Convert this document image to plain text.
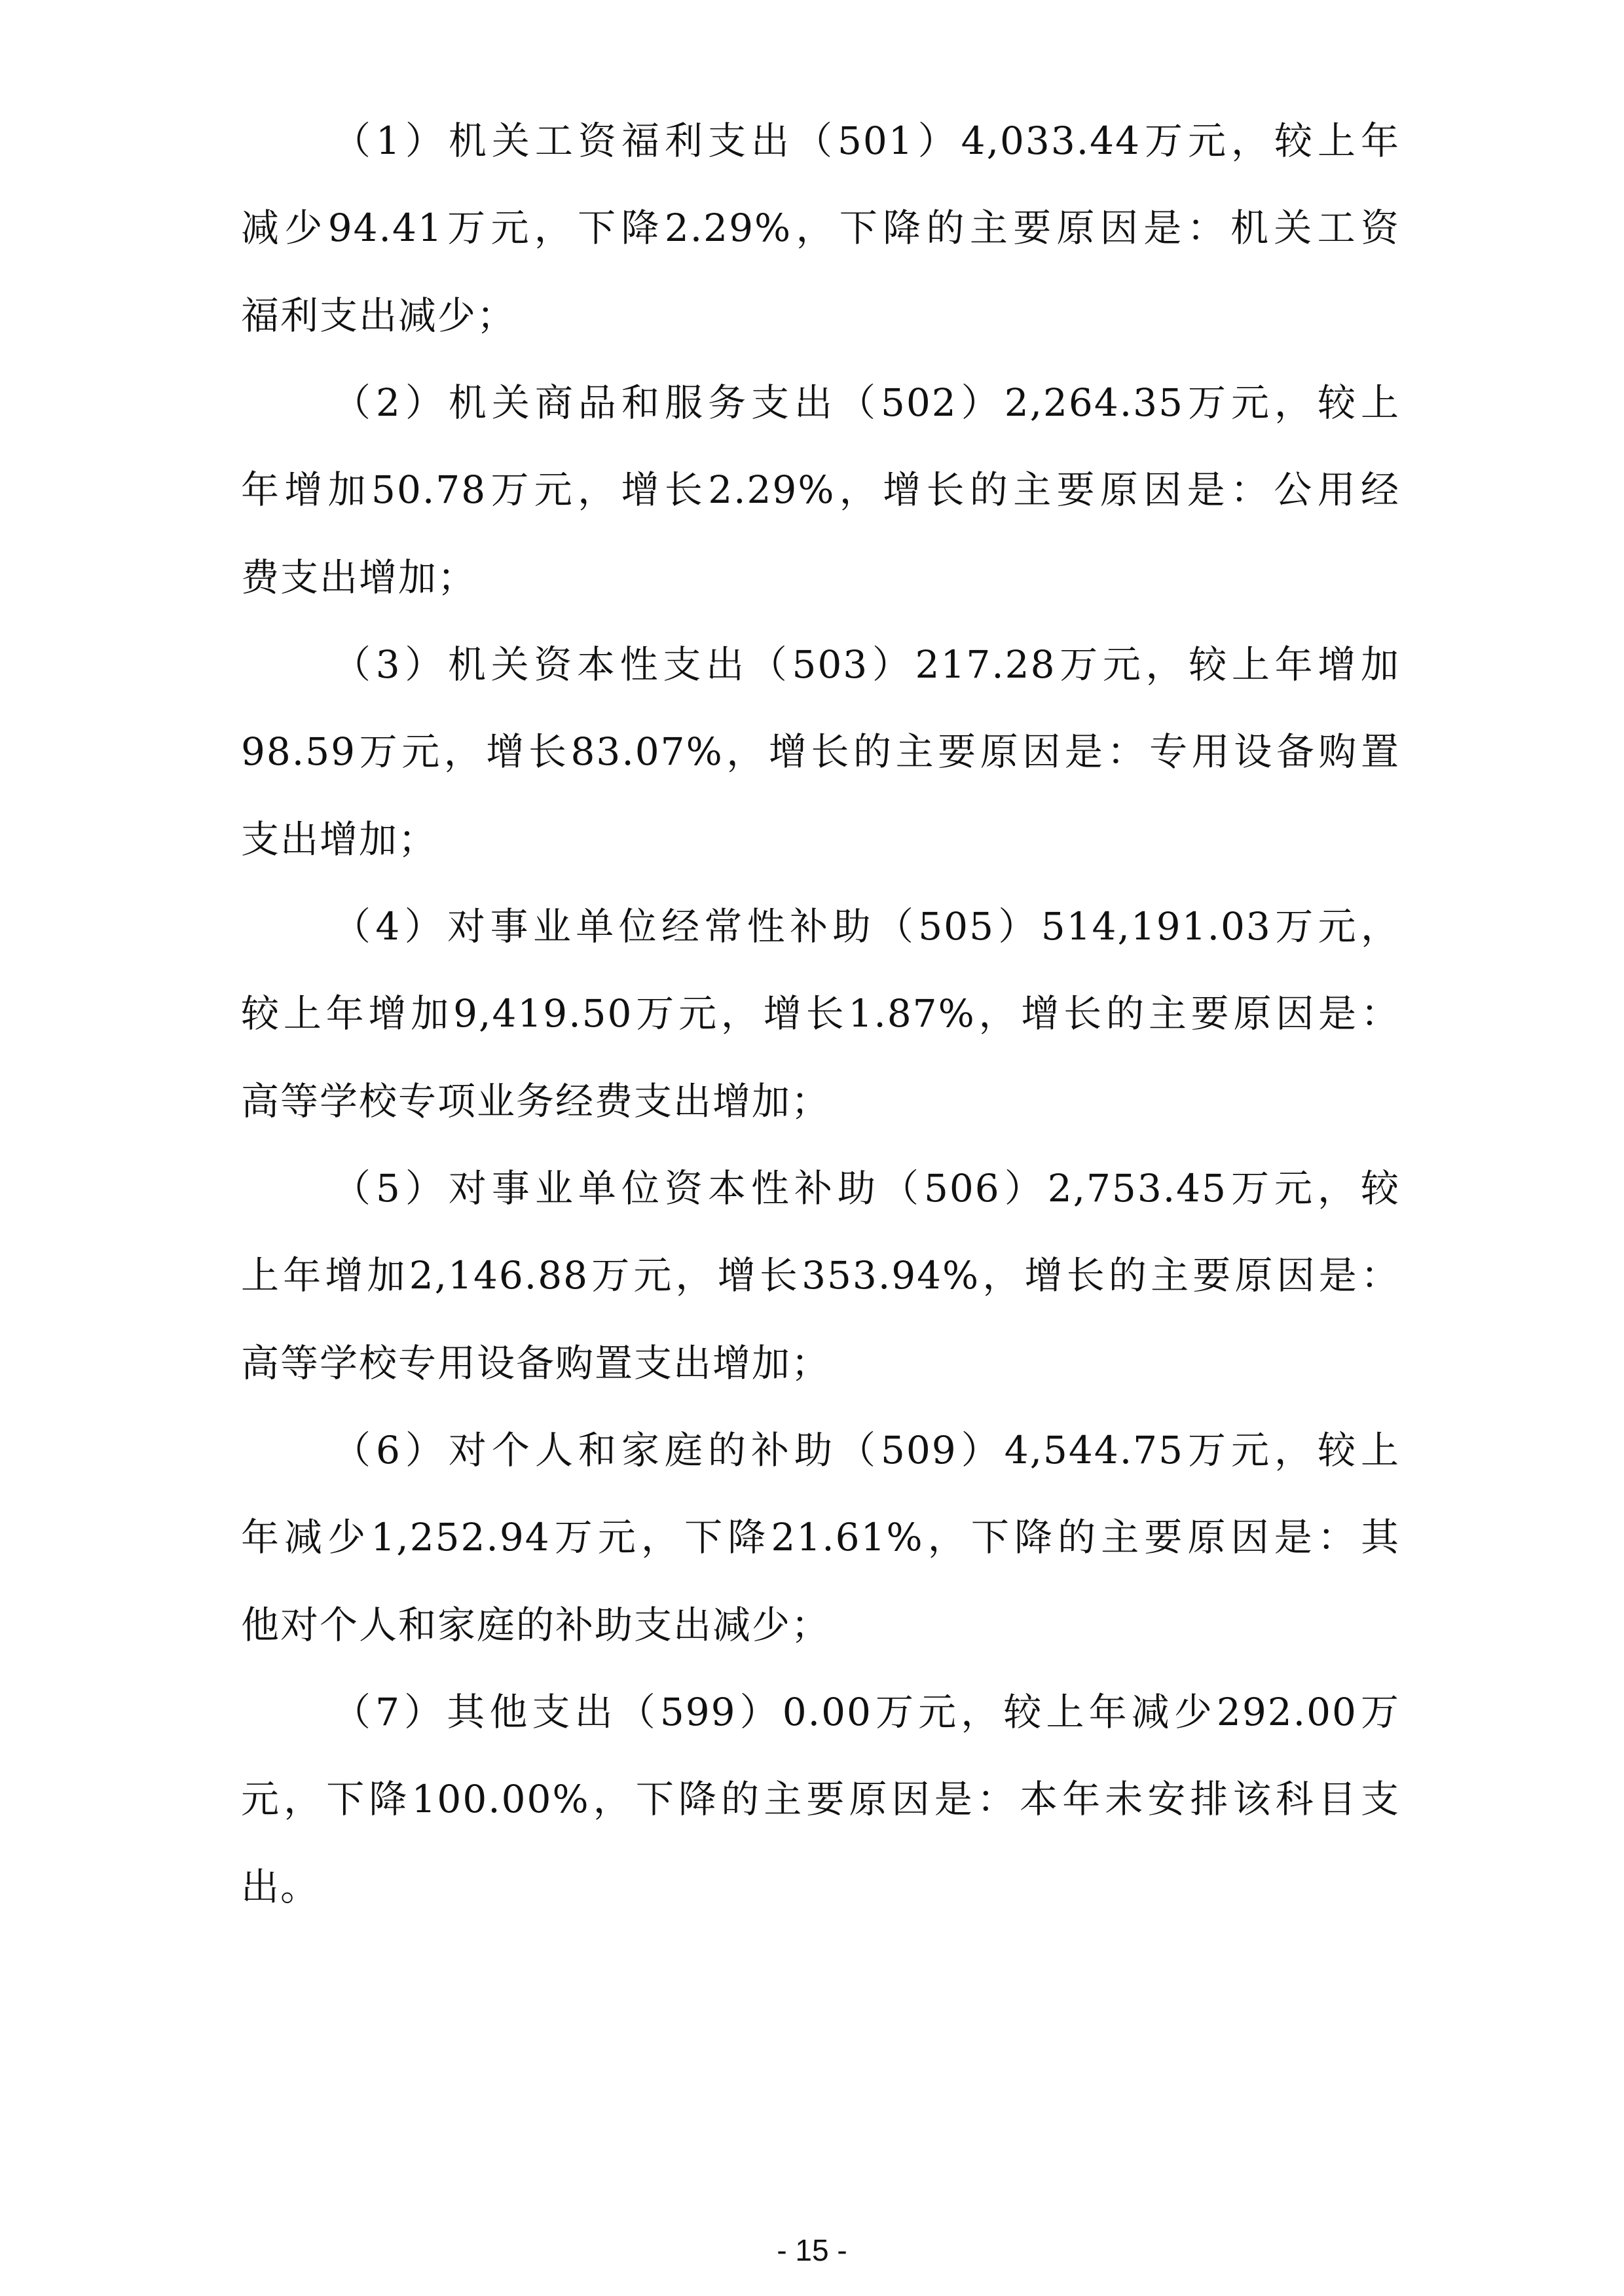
（1）机关工资福利支出（501）4,033.44万元，较上年
减少94.41万元，下降2.29%，下降的主要原因是：机关工资
福利支出减少；
（2）机关商品和服务支出（502）2,264.35万元，较上
年增加50.78万元，增长2.29%，增长的主要原因是：公用经
费支出增加；
（3）机关资本性支出（503）217.28万元，较上年增加
98.59万元，增长83.07%，增长的主要原因是：专用设备购置
支出增加；
（4）对事业单位经常性补助（505）514,191.03万元，
较上年增加9,419.50万元，增长1.87%，增长的主要原因是：
高等学校专项业务经费支出增加；
（5）对事业单位资本性补助（506）2,753.45万元，较
上年增加2,146.88万元，增长353.94%，增长的主要原因是：
高等学校专用设备购置支出增加；
（6）对个人和家庭的补助（509）4,544.75万元，较上
年减少1,252.94万元，下降21.61%，下降的主要原因是：其
他对个人和家庭的补助支出减少；
（7）其他支出（599）0.00万元，较上年减少292.00万
元，下降100.00%，下降的主要原因是：本年未安排该科目支
出。
- 15 -
